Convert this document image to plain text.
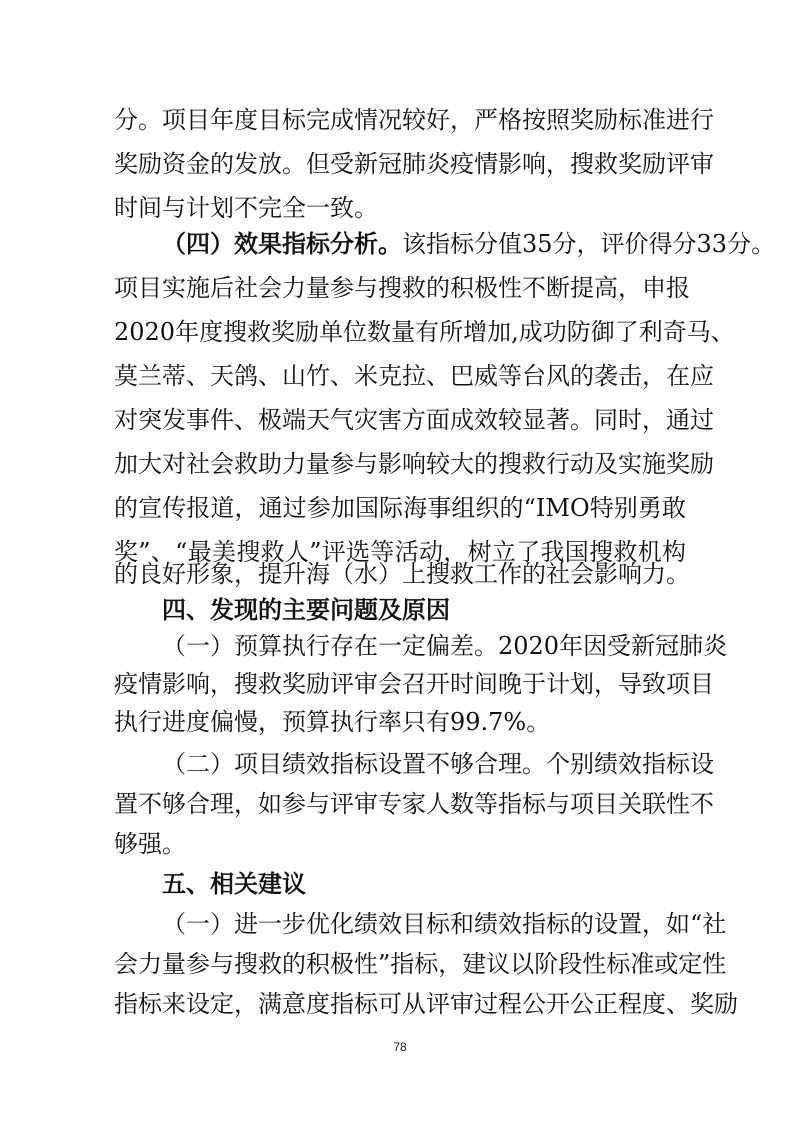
分。项目年度目标完成情况较好，严格按照奖励标准进行
奖励资金的发放。但受新冠肺炎疫情影响，搜救奖励评审
时间与计划不完全一致。
（四）效果指标分析。该指标分值35分，评价得分33分。
项目实施后社会力量参与搜救的积极性不断提高，申报
2020年度搜救奖励单位数量有所增加,成功防御了利奇马、
莫兰蒂、天鸽、山竹、米克拉、巴威等台风的袭击，在应
对突发事件、极端天气灾害方面成效较显著。同时，通过
加大对社会救助力量参与影响较大的搜救行动及实施奖励
的宣传报道，通过参加国际海事组织的“IMO特别勇敢
奖”、“最美搜救人”评选等活动，树立了我国搜救机构
的良好形象，提升海（水）上搜救工作的社会影响力。
四、发现的主要问题及原因
（一）预算执行存在一定偏差。2020年因受新冠肺炎
疫情影响，搜救奖励评审会召开时间晚于计划，导致项目
执行进度偏慢，预算执行率只有99.7%。
（二）项目绩效指标设置不够合理。个别绩效指标设
置不够合理，如参与评审专家人数等指标与项目关联性不
够强。
五、相关建议
（一）进一步优化绩效目标和绩效指标的设置，如“社
会力量参与搜救的积极性”指标，建议以阶段性标准或定性
指标来设定，满意度指标可从评审过程公开公正程度、奖励
78
